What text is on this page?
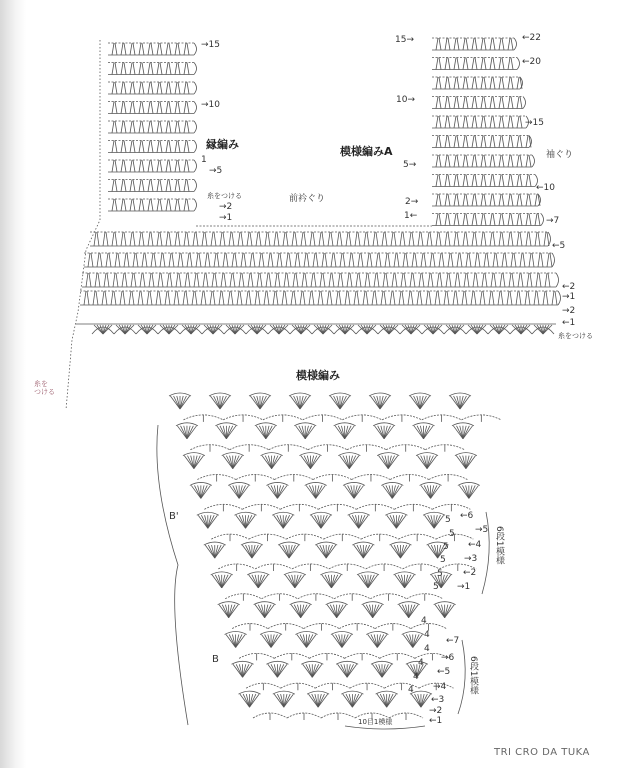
縁編み
模様編みA
前衿ぐり
袖ぐり
糸をつける
糸をつける
→15
→10
→5
1
→2
→1
←22
←20
→15
←10
→7
←5
←2
→1
→2
←1
15→
10→
5→
2→
1←
糸を つける
模様編み
B'
B
10目1模様
6段1模様
6段1模様
←6
→5
←4
→3
←2
→1
5
5
5
5
5
5
←7
→6
←5
→4
←3
→2
←1
4
4
4
4
4
4
TRI CRO DA TUKA
